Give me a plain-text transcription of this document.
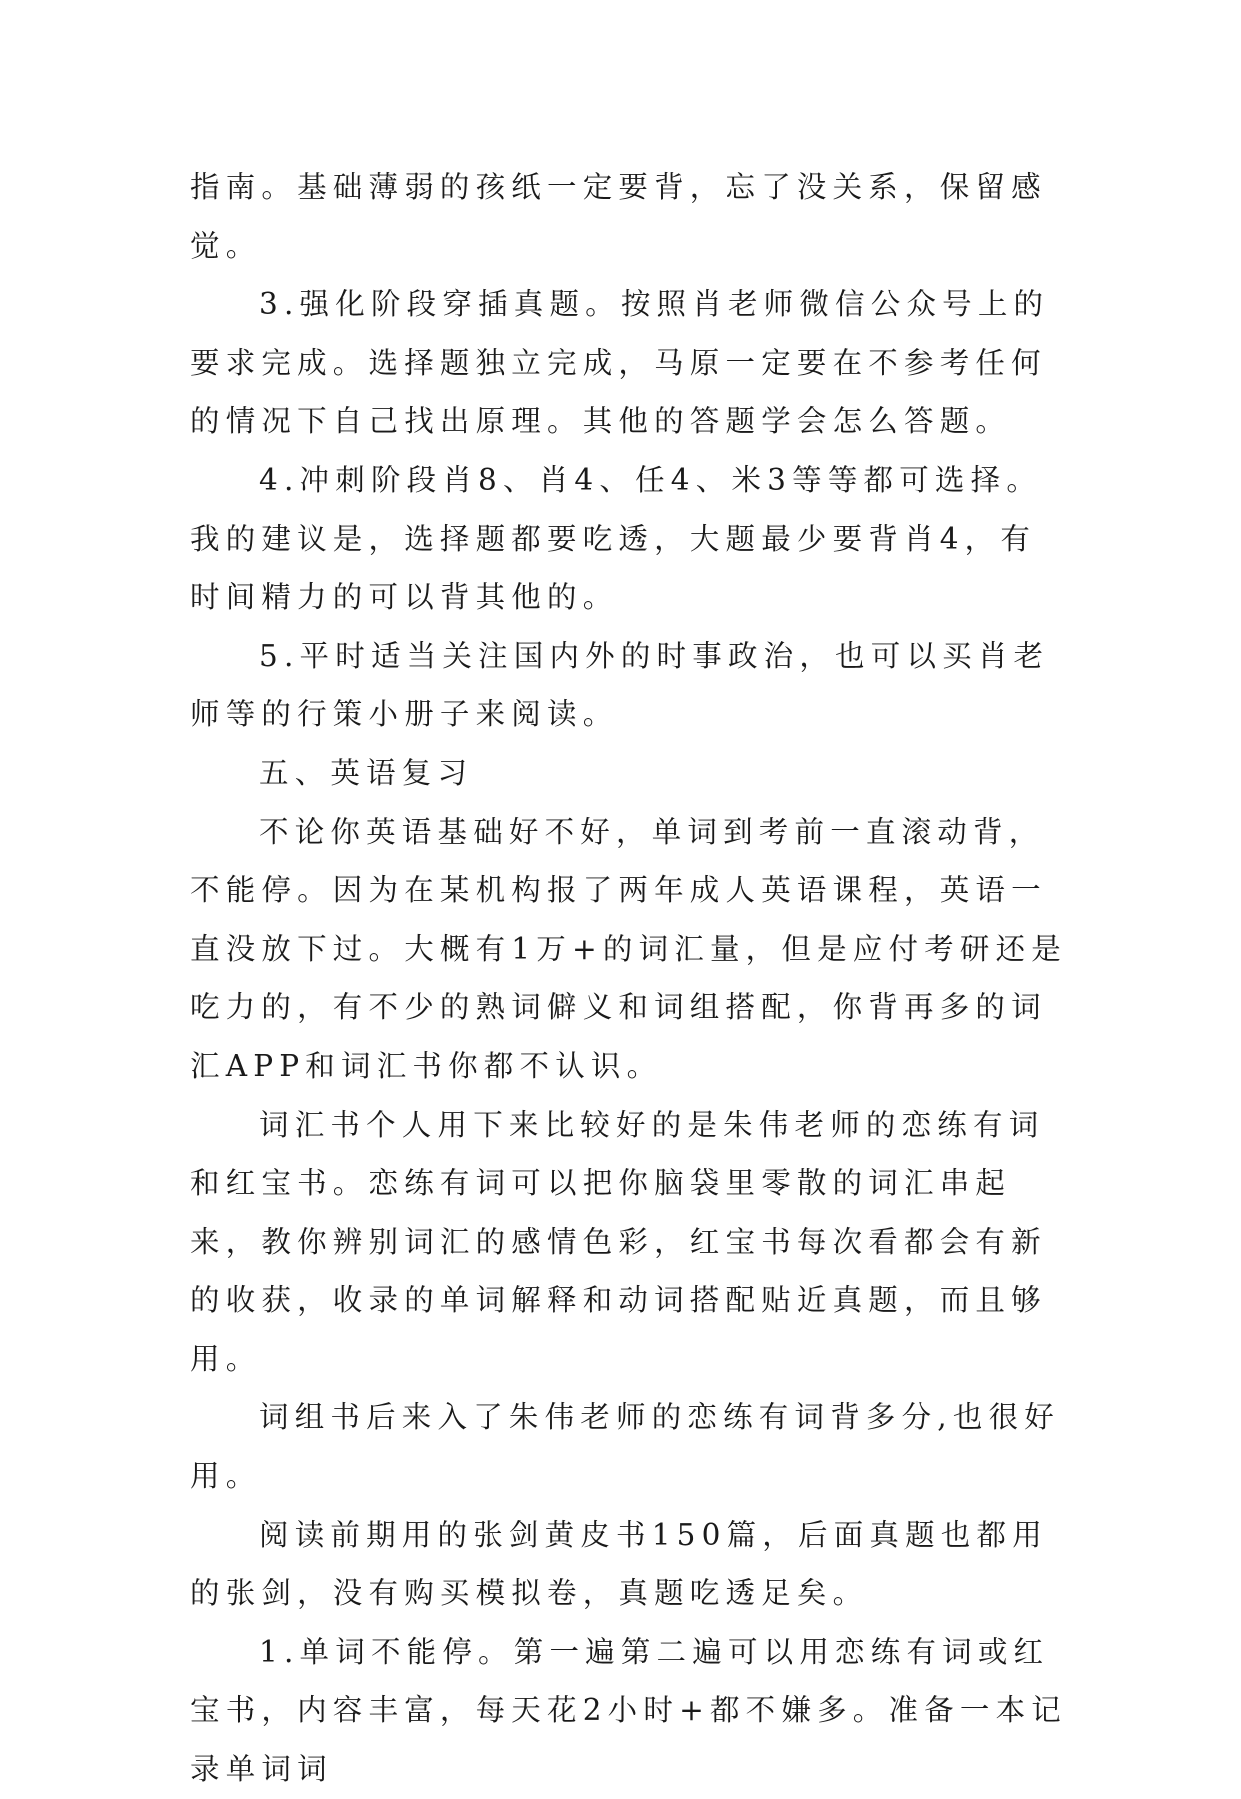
指南。基础薄弱的孩纸一定要背，忘了没关系，保留感觉。

3.强化阶段穿插真题。按照肖老师微信公众号上的要求完成。选择题独立完成，马原一定要在不参考任何的情况下自己找出原理。其他的答题学会怎么答题。

4.冲刺阶段肖8、肖4、任4、米3等等都可选择。我的建议是，选择题都要吃透，大题最少要背肖4，有时间精力的可以背其他的。

5.平时适当关注国内外的时事政治，也可以买肖老师等的行策小册子来阅读。

五、英语复习

不论你英语基础好不好，单词到考前一直滚动背，不能停。因为在某机构报了两年成人英语课程，英语一直没放下过。大概有1万+的词汇量，但是应付考研还是吃力的，有不少的熟词僻义和词组搭配，你背再多的词汇APP和词汇书你都不认识。

词汇书个人用下来比较好的是朱伟老师的恋练有词和红宝书。恋练有词可以把你脑袋里零散的词汇串起来，教你辨别词汇的感情色彩，红宝书每次看都会有新的收获，收录的单词解释和动词搭配贴近真题，而且够用。

词组书后来入了朱伟老师的恋练有词背多分,也很好用。

阅读前期用的张剑黄皮书150篇，后面真题也都用的张剑，没有购买模拟卷，真题吃透足矣。

1.单词不能停。第一遍第二遍可以用恋练有词或红宝书，内容丰富，每天花2小时+都不嫌多。准备一本记录单词词
